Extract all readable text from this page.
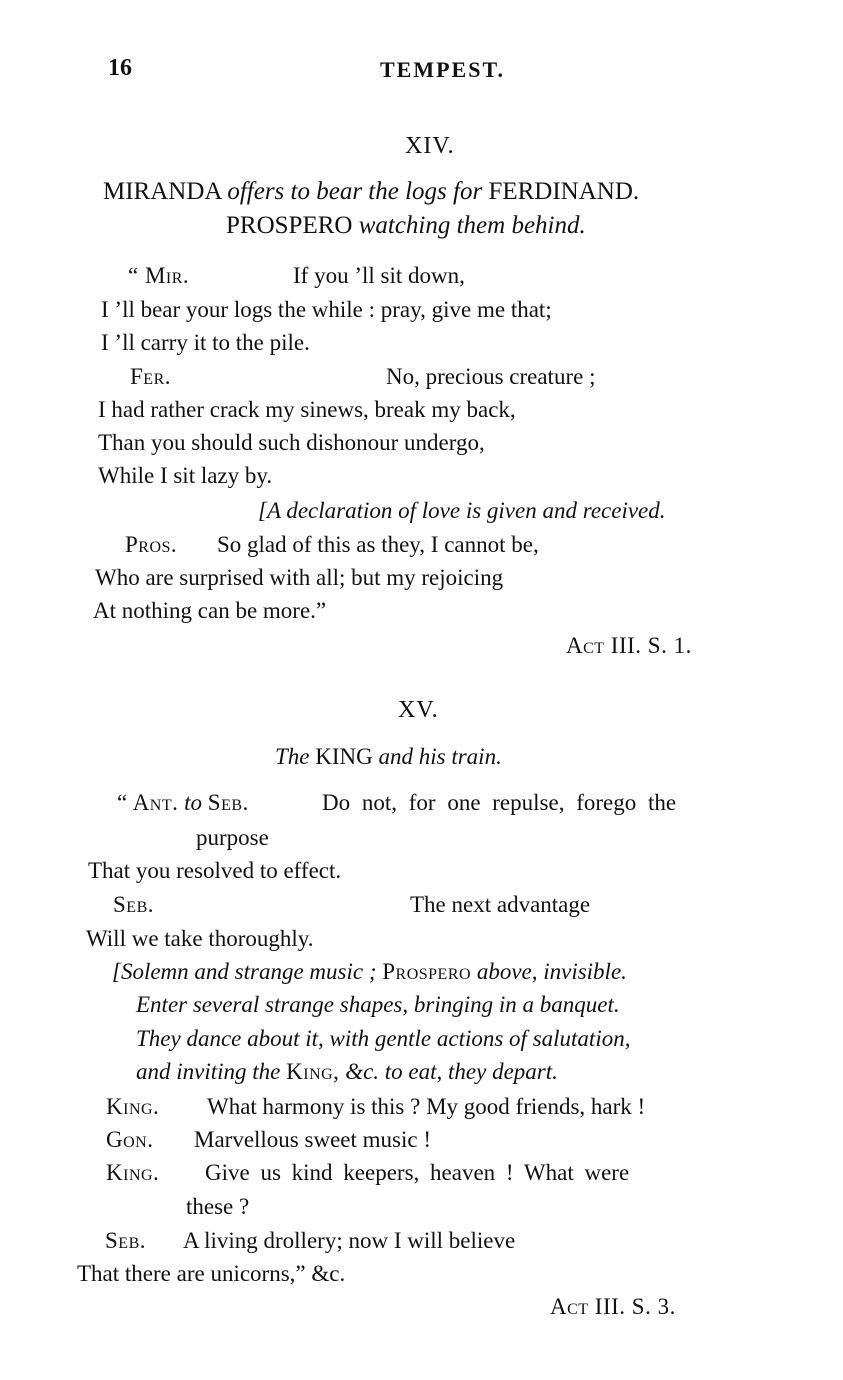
16	TEMPEST.
XIV.
MIRANDA offers to bear the logs for FERDINAND.
PROSPERO watching them behind.
“ Mir.	If you ’ll sit down,
I ’ll bear your logs the while : pray, give me that;
I ’ll carry it to the pile.
Fer.	No, precious creature ;
I had rather crack my sinews, break my back,
Than you should such dishonour undergo,
While I sit lazy by.
[A declaration of love is given and received.
Pros. So glad of this as they, I cannot be,
Who are surprised with all; but my rejoicing
At nothing can be more.”
Act III. S. 1.
XV.
The KING and his train.
“ Ant. to Seb.	Do not, for one repulse, forego the
purpose
That you resolved to effect.
Seb.	The next advantage
Will we take thoroughly.
[Solemn and strange music ; Prospero above, invisible.
Enter several strange shapes, bringing in a banquet.
They dance about it, with gentle actions of salutation,
and inviting the King, &c. to eat, they depart.
King. What harmony is this ? My good friends, hark !
Gon. Marvellous sweet music !
King. Give us kind keepers, heaven ! What were
these ?
Seb. A living drollery; now I will believe
That there are unicorns,” &c.
Act III. S. 3.
